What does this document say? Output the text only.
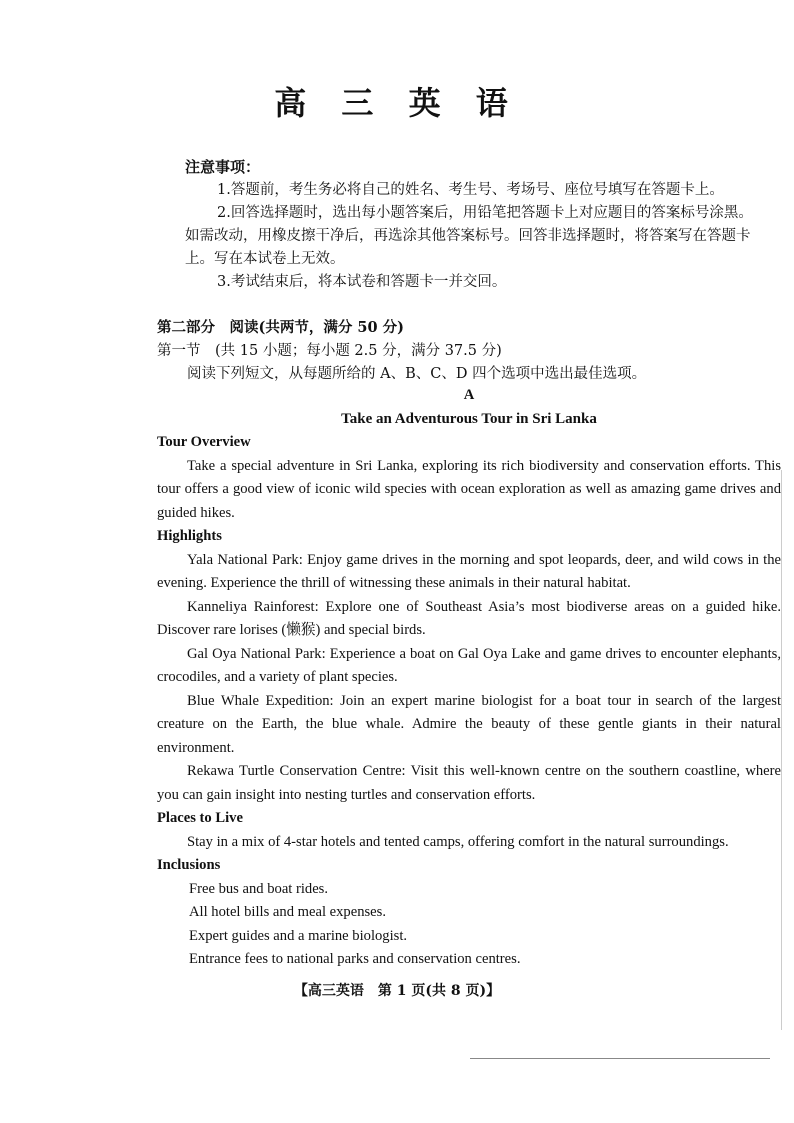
高 三 英 语
注意事项：

1.答题前，考生务必将自己的姓名、考生号、考场号、座位号填写在答题卡上。

2.回答选择题时，选出每小题答案后，用铅笔把答题卡上对应题目的答案标号涂黑。如需改动，用橡皮擦干净后，再选涂其他答案标号。回答非选择题时，将答案写在答题卡上。写在本试卷上无效。

3.考试结束后，将本试卷和答题卡一并交回。

第二部分　阅读(共两节，满分 50 分)
第一节　(共 15 小题；每小题 2.5 分，满分 37.5 分)
阅读下列短文，从每题所给的 A、B、C、D 四个选项中选出最佳选项。
A
Take an Adventurous Tour in Sri Lanka
Tour Overview

Take a special adventure in Sri Lanka, exploring its rich biodiversity and conservation efforts. This tour offers a good view of iconic wild species with ocean exploration as well as amazing game drives and guided hikes.

Highlights

Yala National Park: Enjoy game drives in the morning and spot leopards, deer, and wild cows in the evening. Experience the thrill of witnessing these animals in their natural habitat.

Kanneliya Rainforest: Explore one of Southeast Asia’s most biodiverse areas on a guided hike. Discover rare lorises (懒猴) and special birds.

Gal Oya National Park: Experience a boat on Gal Oya Lake and game drives to encounter elephants, crocodiles, and a variety of plant species.

Blue Whale Expedition: Join an expert marine biologist for a boat tour in search of the largest creature on the Earth, the blue whale. Admire the beauty of these gentle giants in their natural environment.

Rekawa Turtle Conservation Centre: Visit this well-known centre on the southern coastline, where you can gain insight into nesting turtles and conservation efforts.

Places to Live

Stay in a mix of 4-star hotels and tented camps, offering comfort in the natural surroundings.

Inclusions
Free bus and boat rides.
All hotel bills and meal expenses.
Expert guides and a marine biologist.
Entrance fees to national parks and conservation centres.
【高三英语　第 1 页(共 8 页)】
